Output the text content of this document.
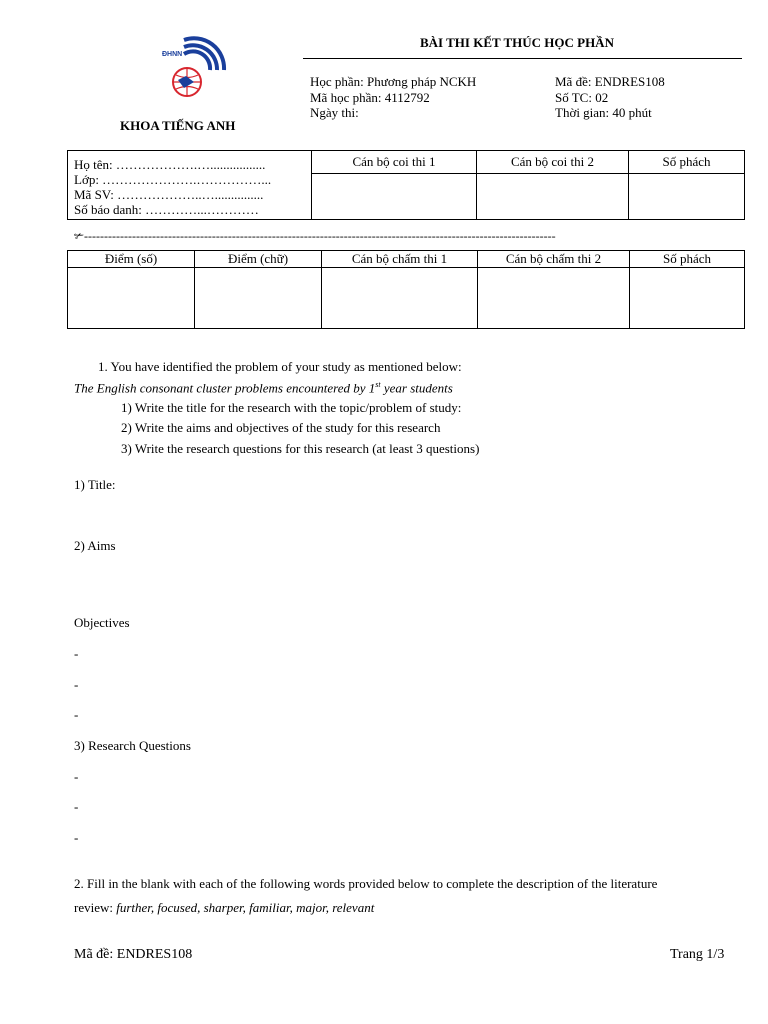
ĐHNN
KHOA TIẾNG ANH
BÀI THI KẾT THÚC HỌC PHẦN
Học phần: Phương pháp NCKH
Mã học phần: 4112792
Ngày thi:
Mã đề: ENDRES108
Số TC: 02
Thời gian: 40 phút
Họ tên: ……………….….................
Lớp: ………………….……………...
Mã SV: ………………..…...............
Số báo danh: …………...…………	Cán bộ coi thi 1	Cán bộ coi thi 2	Số phách

✃----------------------------------------------------------------------------------------------------------------------
Điểm (số)	Điểm (chữ)	Cán bộ chấm thi 1	Cán bộ chấm thi 2	Số phách

1. You have identified the problem of your study as mentioned below:
The English consonant cluster problems encountered by 1st year students
1) Write the title for the research with the topic/problem of study:
2) Write the aims and objectives of the study for this research
3) Write the research questions for this research (at least 3 questions)
1) Title:
2) Aims
Objectives
-
-
-
3) Research Questions
-
-
-
2. Fill in the blank with each of the following words provided below to complete the description of the literature
review: further, focused, sharper, familiar, major, relevant
Mã đề: ENDRES108	Trang 1/3
